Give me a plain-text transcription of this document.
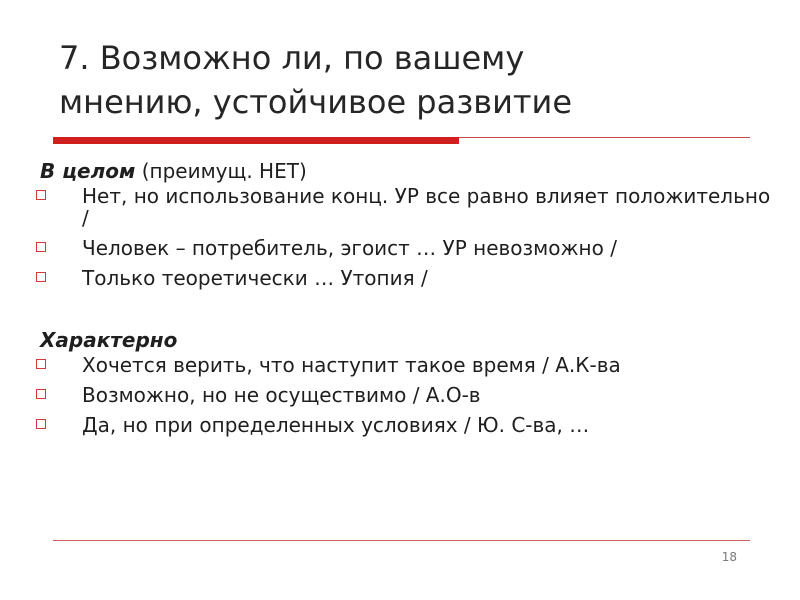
7. Возможно ли, по вашему
мнению, устойчивое развитие
В целом (преимущ. НЕТ)
Нет, но использование конц. УР все равно влияет положительно /
Человек – потребитель, эгоист … УР невозможно /
Только теоретически … Утопия /
Характерно
Хочется верить, что наступит такое время / А.К-ва
Возможно, но не осуществимо / А.О-в
Да, но при определенных условиях / Ю. С-ва, …
18
